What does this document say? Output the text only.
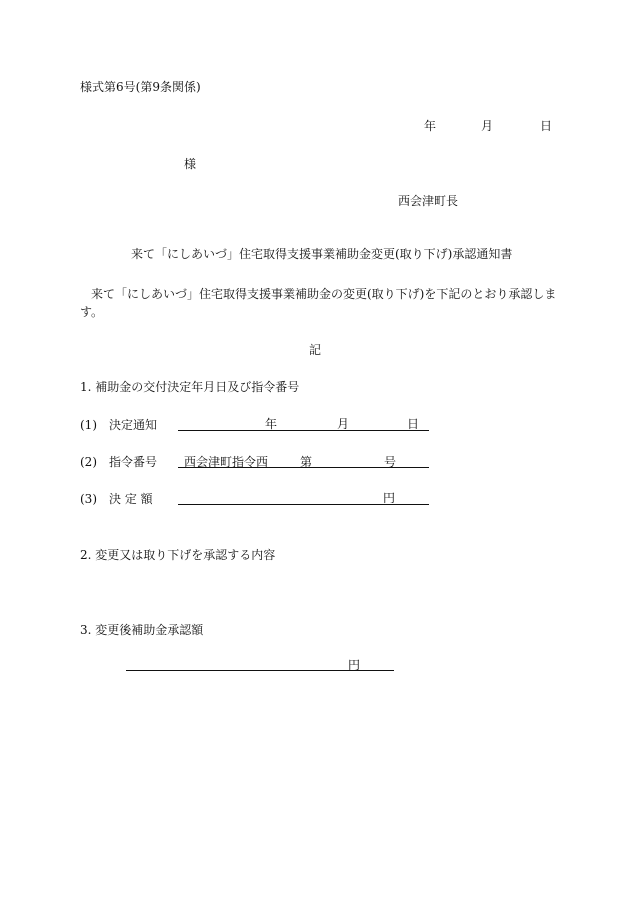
様式第6号(第9条関係)
年	月	日
様
西会津町長
来て「にしあいづ」住宅取得支援事業補助金変更(取り下げ)承認通知書
来て「にしあいづ」住宅取得支援事業補助金の変更(取り下げ)を下記のとおり承認しま
す。
記
1. 補助金の交付決定年月日及び指令番号
(1) 決定通知	年	月	日
(2) 指令番号 西会津町指令西	第	号
(3) 決 定 額	円
2. 変更又は取り下げを承認する内容
3. 変更後補助金承認額
円
